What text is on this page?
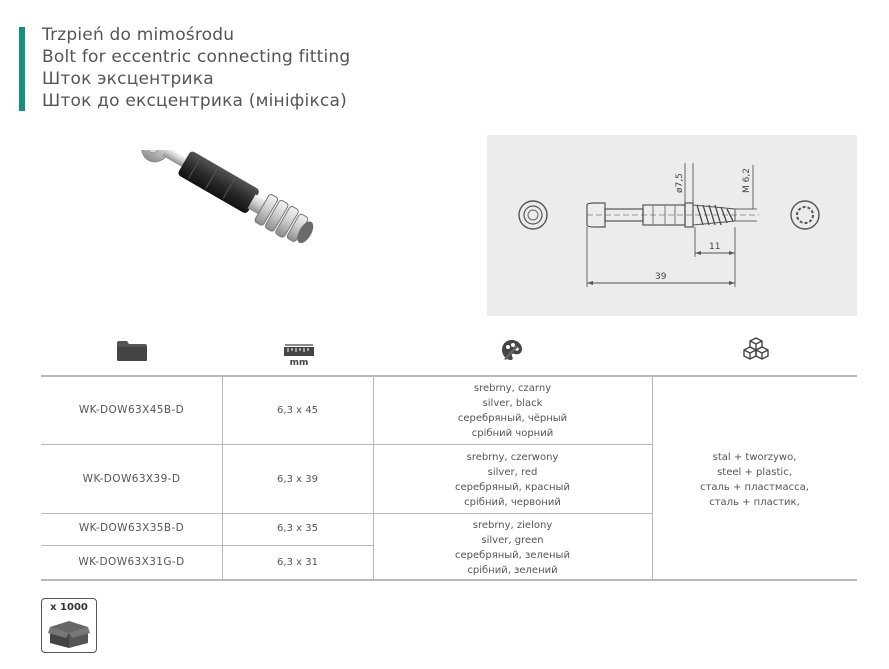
Trzpień do mimośrodu
Bolt for eccentric connecting fitting
Шток эксцентрика
Шток до ексцентрика (мініфікса)
ø7,5	M 6,2
11
39
mm
WK-DOW63X45B-D
WK-DOW63X39-D
WK-DOW63X35B-D
WK-DOW63X31G-D
6,3 x 45
6,3 x 39
6,3 x 35
6,3 x 31
srebrny, czarny
silver, black
серебряный, чёрный
срібний чорний
srebrny, czerwony
silver, red
серебряный, красный
срібний, червоний
srebrny, zielony
silver, green
серебряный, зеленый
срібний, зелений
stal + tworzywo,
steel + plastic,
сталь + пластмасса,
сталь + пластик,
x 1000
